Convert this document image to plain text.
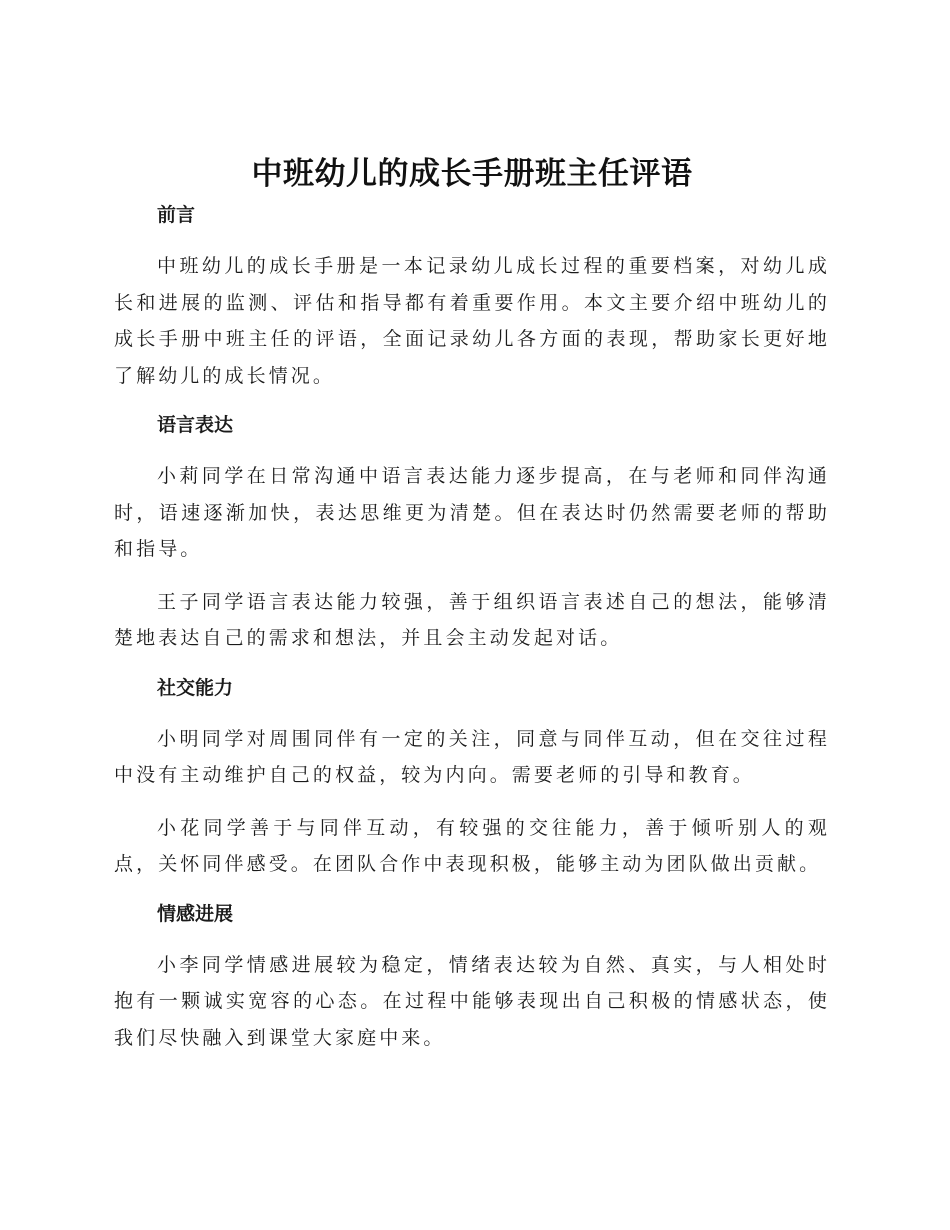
中班幼儿的成长手册班主任评语
前言

中班幼儿的成长手册是一本记录幼儿成长过程的重要档案，对幼儿成长和进展的监测、评估和指导都有着重要作用。本文主要介绍中班幼儿的成长手册中班主任的评语，全面记录幼儿各方面的表现，帮助家长更好地了解幼儿的成长情况。

语言表达

小莉同学在日常沟通中语言表达能力逐步提高，在与老师和同伴沟通时，语速逐渐加快，表达思维更为清楚。但在表达时仍然需要老师的帮助和指导。

王子同学语言表达能力较强，善于组织语言表述自己的想法，能够清楚地表达自己的需求和想法，并且会主动发起对话。

社交能力

小明同学对周围同伴有一定的关注，同意与同伴互动，但在交往过程中没有主动维护自己的权益，较为内向。需要老师的引导和教育。

小花同学善于与同伴互动，有较强的交往能力，善于倾听别人的观点，关怀同伴感受。在团队合作中表现积极，能够主动为团队做出贡献。

情感进展

小李同学情感进展较为稳定，情绪表达较为自然、真实，与人相处时抱有一颗诚实宽容的心态。在过程中能够表现出自己积极的情感状态，使我们尽快融入到课堂大家庭中来。
